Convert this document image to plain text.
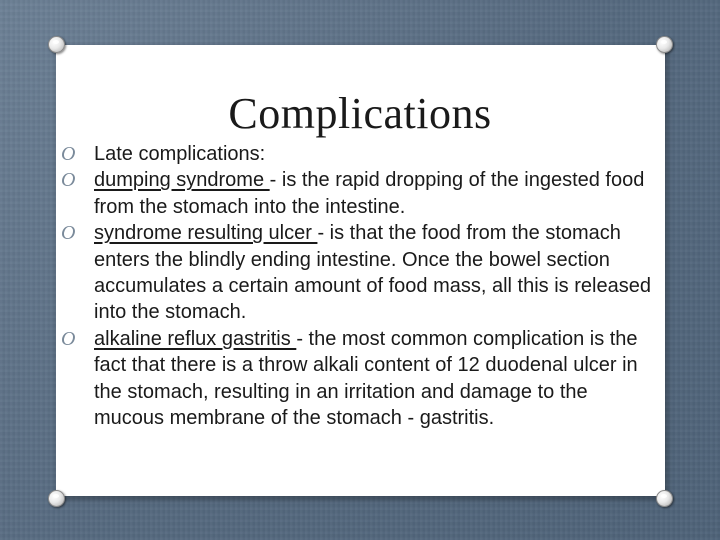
Complications
O Late complications:
O dumping syndrome - is the rapid dropping of the ingested food from the stomach into the intestine.
O syndrome resulting ulcer - is that the food from the stomach enters the blindly ending intestine. Once the bowel section accumulates a certain amount of food mass, all this is released into the stomach.
O alkaline reflux gastritis - the most common complication is the fact that there is a throw alkali content of 12 duodenal ulcer in the stomach, resulting in an irritation and damage to the mucous membrane of the stomach - gastritis.
